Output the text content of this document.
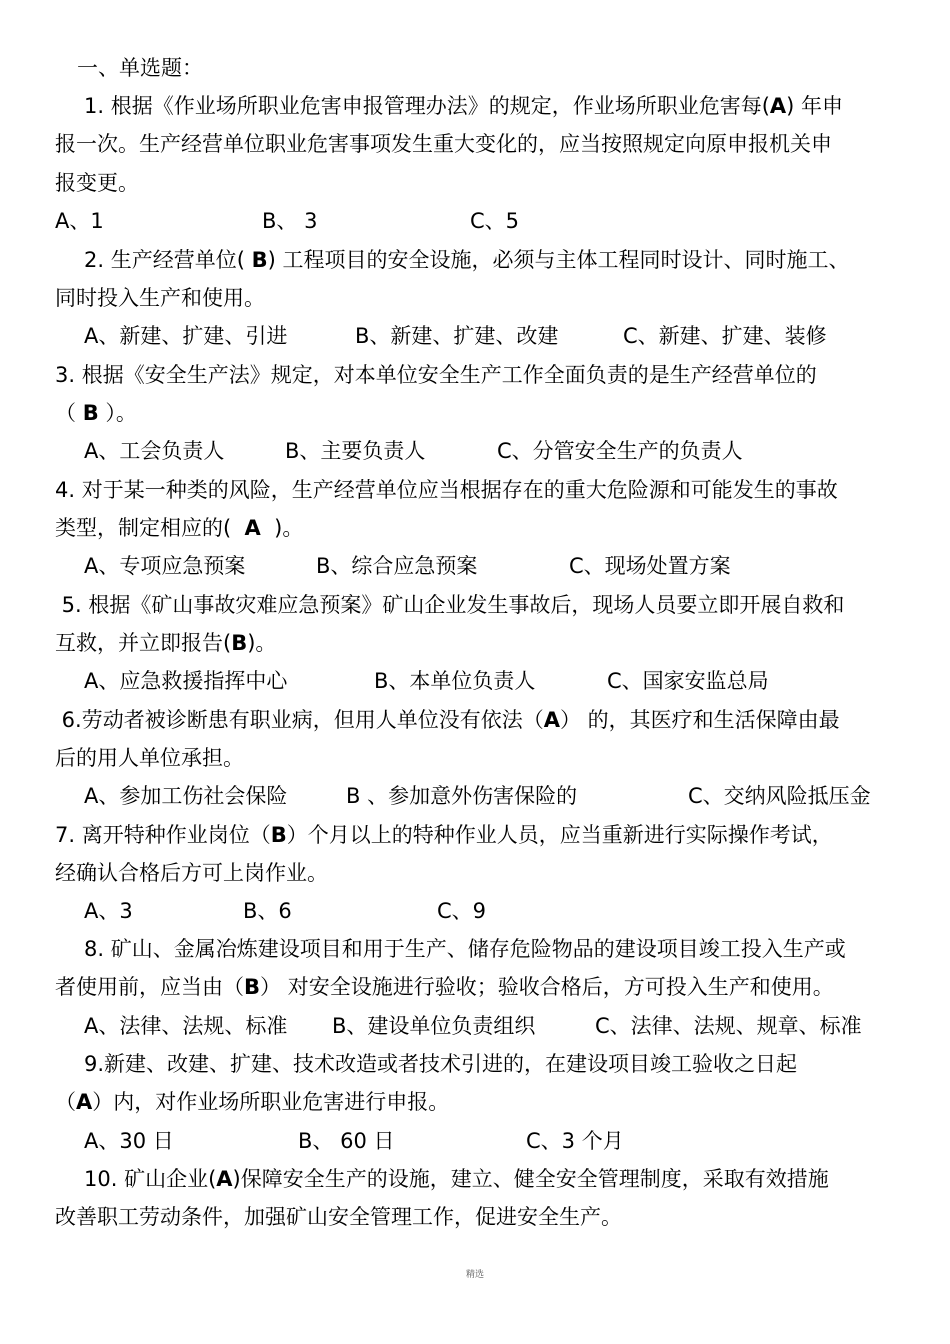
一、单选题：
1. 根据《作业场所职业危害申报管理办法》的规定，作业场所职业危害每(A) 年申
报一次。生产经营单位职业危害事项发生重大变化的，应当按照规定向原申报机关申
报变更。
A、1	B、 3	C、5
2. 生产经营单位( B) 工程项目的安全设施，必须与主体工程同时设计、同时施工、
同时投入生产和使用。
A、新建、扩建、引进	B、新建、扩建、改建	C、新建、扩建、装修
3. 根据《安全生产法》规定，对本单位安全生产工作全面负责的是生产经营单位的
（ B ）。
A、工会负责人	B、主要负责人	C、分管安全生产的负责人
4. 对于某一种类的风险，生产经营单位应当根据存在的重大危险源和可能发生的事故
类型，制定相应的(  A  )。
A、专项应急预案	B、综合应急预案	C、现场处置方案
5. 根据《矿山事故灾难应急预案》矿山企业发生事故后，现场人员要立即开展自救和
互救，并立即报告(B)。
A、应急救援指挥中心	B、本单位负责人	C、国家安监总局
6.劳动者被诊断患有职业病，但用人单位没有依法（A） 的，其医疗和生活保障由最
后的用人单位承担。
A、参加工伤社会保险	B 、参加意外伤害保险的	C、交纳风险抵压金
7. 离开特种作业岗位（B）个月以上的特种作业人员，应当重新进行实际操作考试，
经确认合格后方可上岗作业。
A、3	B、6	C、9
8. 矿山、金属冶炼建设项目和用于生产、储存危险物品的建设项目竣工投入生产或
者使用前，应当由（B） 对安全设施进行验收；验收合格后，方可投入生产和使用。
A、法律、法规、标准 B、建设单位负责组织	C、法律、法规、规章、标准
9.新建、改建、扩建、技术改造或者技术引进的，在建设项目竣工验收之日起
（A）内，对作业场所职业危害进行申报。
A、30 日	B、 60 日	C、3 个月
10. 矿山企业(A)保障安全生产的设施，建立、健全安全管理制度，采取有效措施
改善职工劳动条件，加强矿山安全管理工作，促进安全生产。
精选
